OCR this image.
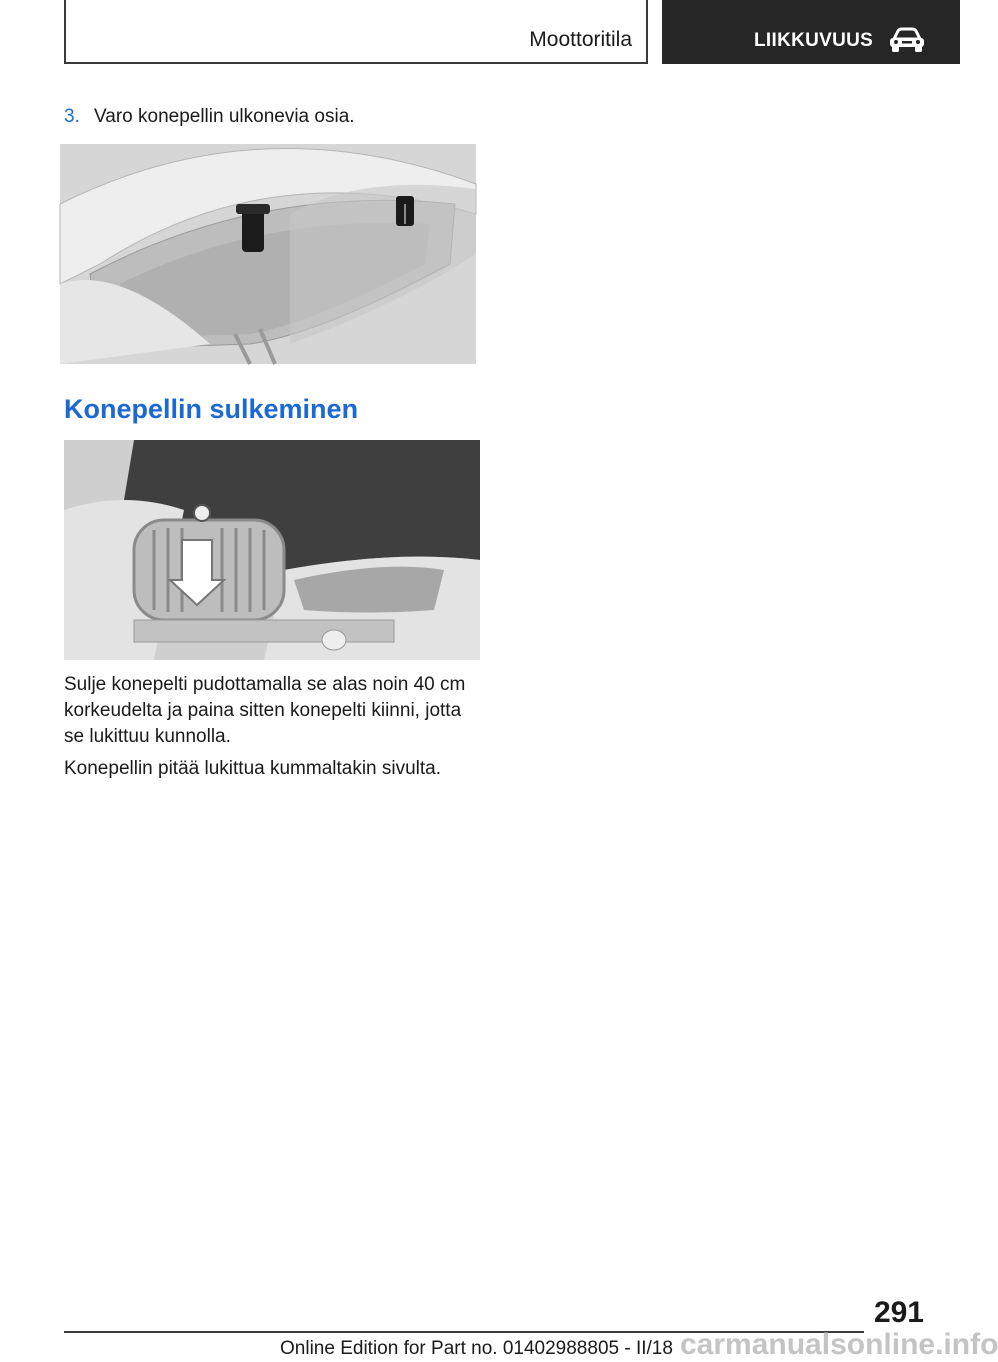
Moottoritila	LIIKKUVUUS
3. Varo konepellin ulkonevia osia.
Konepellin sulkeminen
Sulje konepelti pudottamalla se alas noin 40 cm korkeudelta ja paina sitten konepelti kiinni, jotta se lukittuu kunnolla.
Konepellin pitää lukittua kummaltakin sivulta.
291
Online Edition for Part no. 01402988805 - II/18 carmanualsonline.info
